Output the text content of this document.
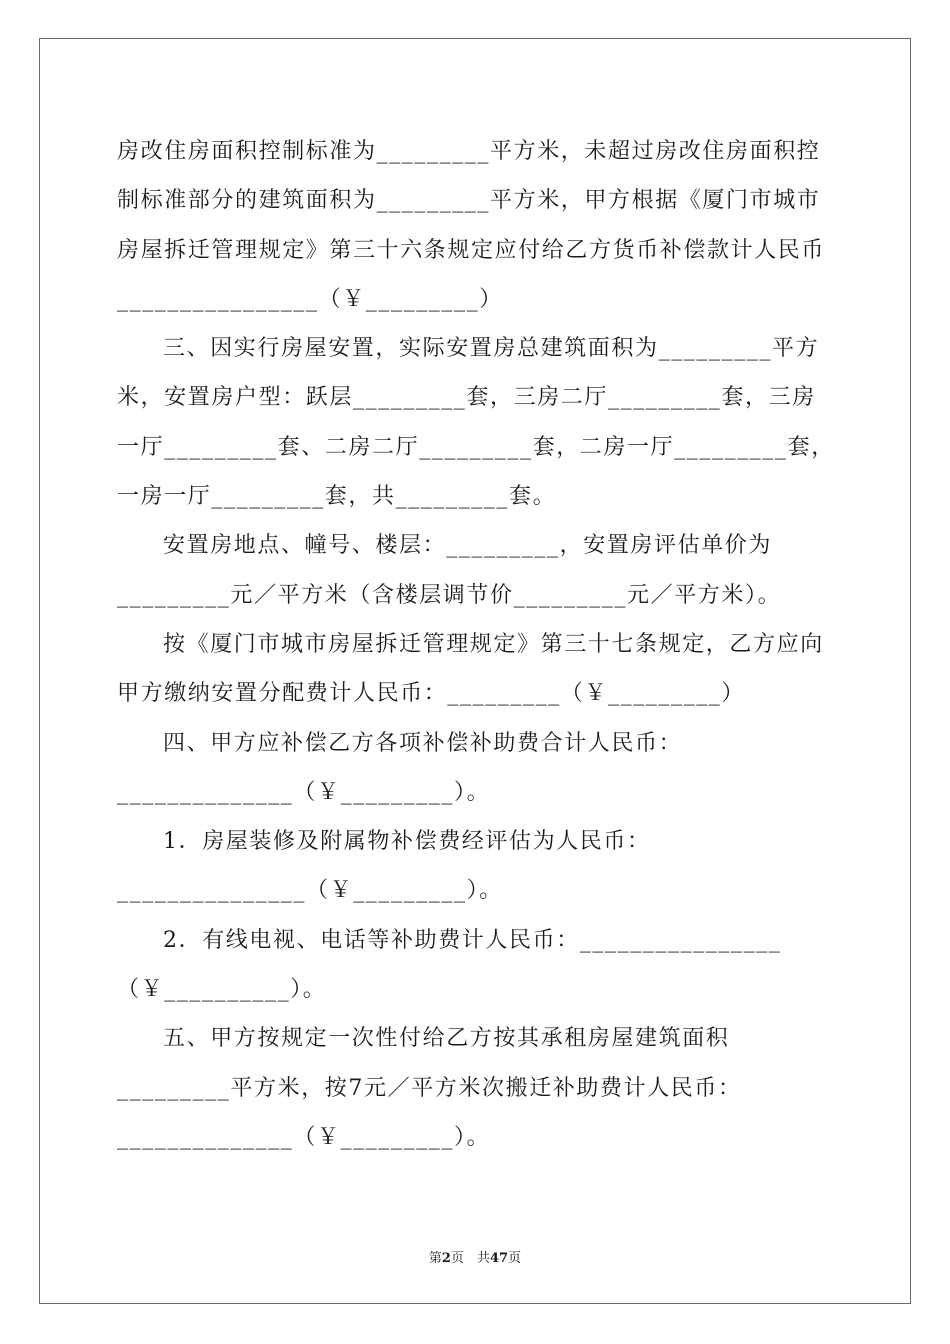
房改住房面积控制标准为_________平方米，未超过房改住房面积控制标准部分的建筑面积为_________平方米，甲方根据《厦门市城市房屋拆迁管理规定》第三十六条规定应付给乙方货币补偿款计人民币________________（￥_________）

三、因实行房屋安置，实际安置房总建筑面积为_________平方米，安置房户型：跃层_________套，三房二厅_________套，三房一厅_________套、二房二厅_________套，二房一厅_________套，一房一厅_________套，共_________套。

安置房地点、幢号、楼层：_________，安置房评估单价为_________元／平方米（含楼层调节价_________元／平方米）。

按《厦门市城市房屋拆迁管理规定》第三十七条规定，乙方应向甲方缴纳安置分配费计人民币：_________（￥_________）

四、甲方应补偿乙方各项补偿补助费合计人民币：______________（￥_________）。

1．房屋装修及附属物补偿费经评估为人民币：_______________（￥_________）。

2．有线电视、电话等补助费计人民币：________________（￥__________）。

五、甲方按规定一次性付给乙方按其承租房屋建筑面积_________平方米，按7元／平方米次搬迁补助费计人民币：______________（￥_________）。

第2页　共47页
